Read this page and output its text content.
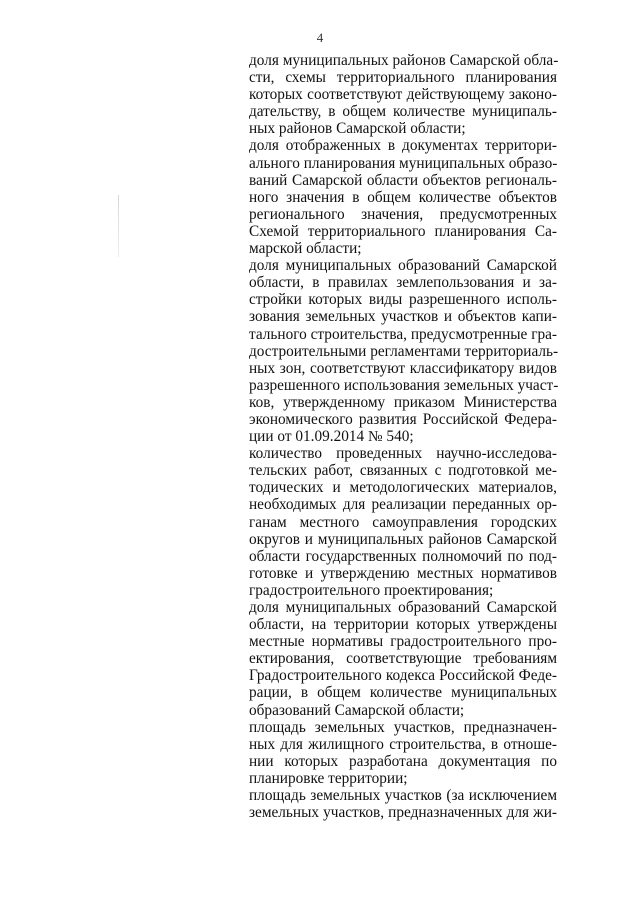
4
доля муниципальных районов Самарской обла-
сти, схемы территориального планирования
которых соответствуют действующему законо-
дательству, в общем количестве муниципаль-
ных районов Самарской области;
доля отображенных в документах территори-
ального планирования муниципальных образо-
ваний Самарской области объектов региональ-
ного значения в общем количестве объектов
регионального значения, предусмотренных
Схемой территориального планирования Са-
марской области;
доля муниципальных образований Самарской
области, в правилах землепользования и за-
стройки которых виды разрешенного исполь-
зования земельных участков и объектов капи-
тального строительства, предусмотренные гра-
достроительными регламентами территориаль-
ных зон, соответствуют классификатору видов
разрешенного использования земельных участ-
ков, утвержденному приказом Министерства
экономического развития Российской Федера-
ции от 01.09.2014 № 540;
количество проведенных научно-исследова-
тельских работ, связанных с подготовкой ме-
тодических и методологических материалов,
необходимых для реализации переданных ор-
ганам местного самоуправления городских
округов и муниципальных районов Самарской
области государственных полномочий по под-
готовке и утверждению местных нормативов
градостроительного проектирования;
доля муниципальных образований Самарской
области, на территории которых утверждены
местные нормативы градостроительного про-
ектирования, соответствующие требованиям
Градостроительного кодекса Российской Феде-
рации, в общем количестве муниципальных
образований Самарской области;
площадь земельных участков, предназначен-
ных для жилищного строительства, в отноше-
нии которых разработана документация по
планировке территории;
площадь земельных участков (за исключением
земельных участков, предназначенных для жи-
